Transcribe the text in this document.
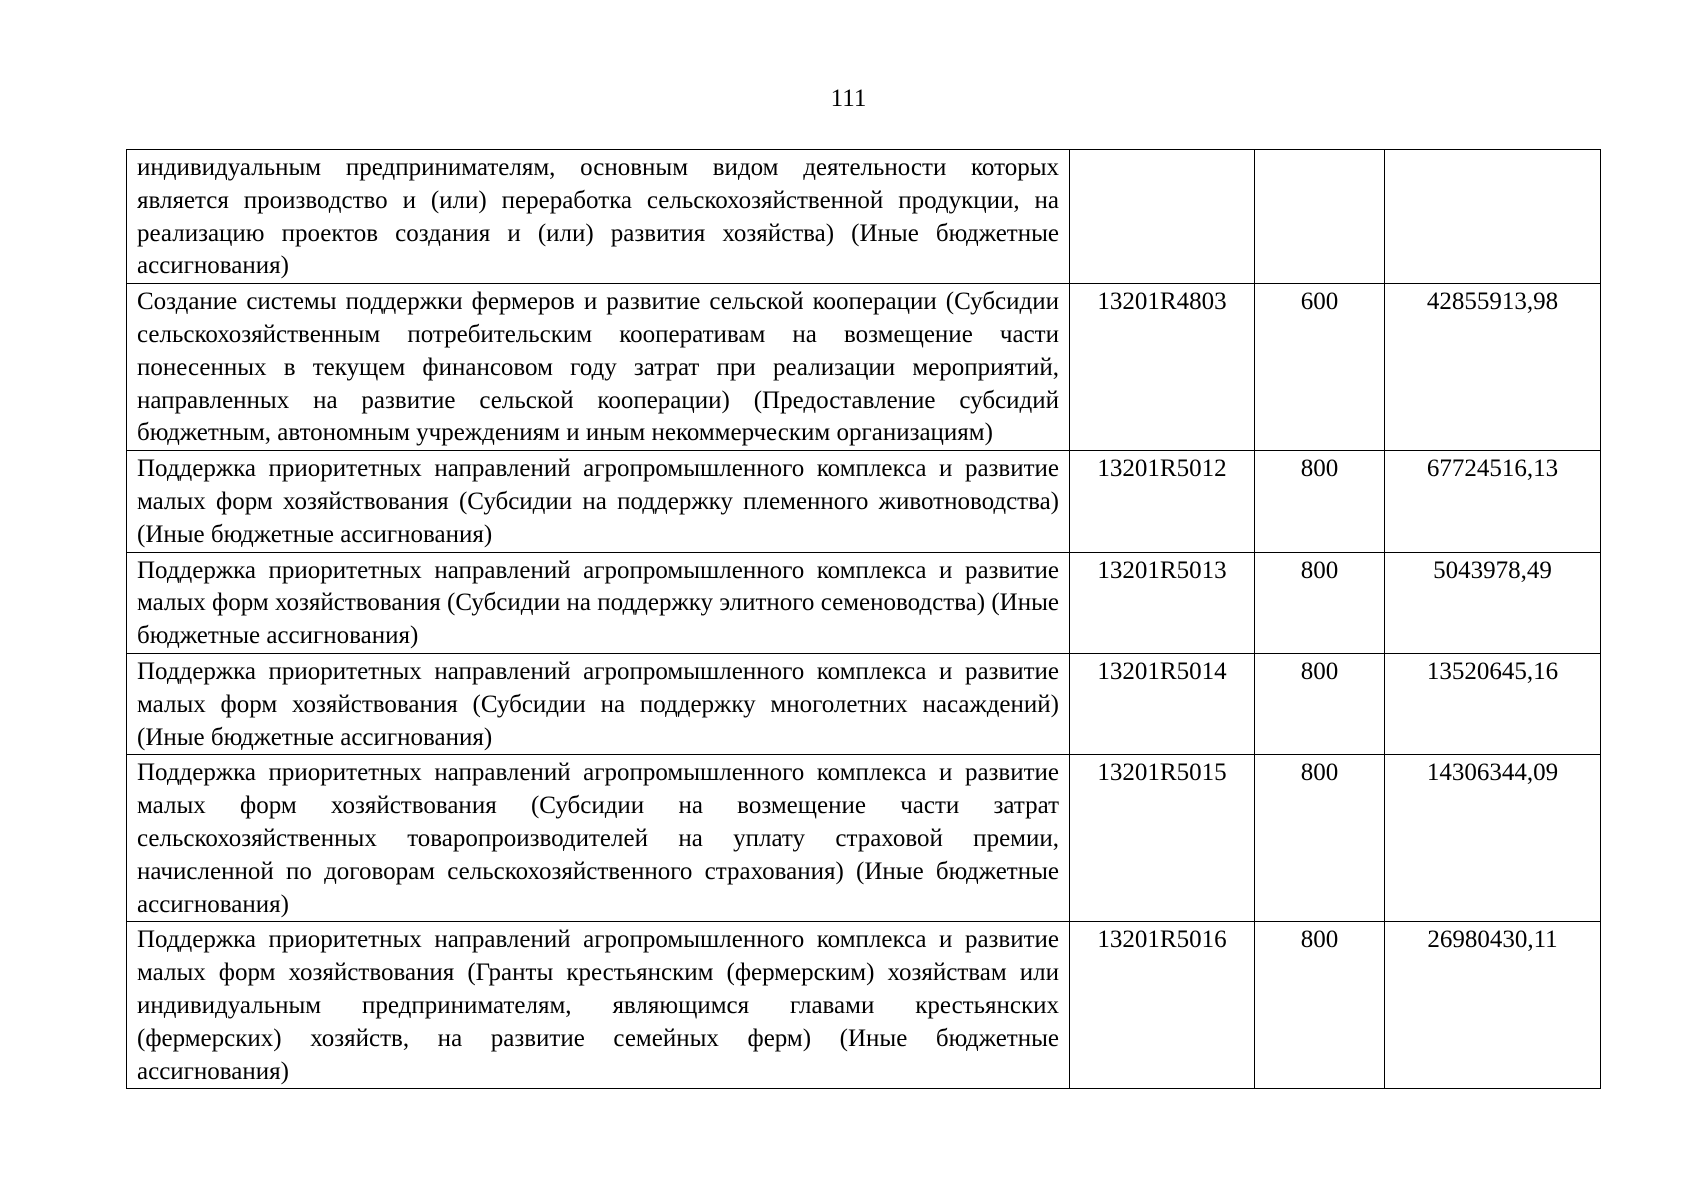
111
индивидуальным предпринимателям, основным видом деятельности которых является производство и (или) переработка сельскохозяйственной продукции, на реализацию проектов создания и (или) развития хозяйства) (Иные бюджетные ассигнования)			
Создание системы поддержки фермеров и развитие сельской кооперации (Субсидии сельскохозяйственным потребительским кооперативам на возмещение части понесенных в текущем финансовом году затрат при реализации мероприятий, направленных на развитие сельской кооперации) (Предоставление субсидий бюджетным, автономным учреждениям и иным некоммерческим организациям)	13201R4803	600	42855913,98
Поддержка приоритетных направлений агропромышленного комплекса и развитие малых форм хозяйствования (Субсидии на поддержку племенного животноводства) (Иные бюджетные ассигнования)	13201R5012	800	67724516,13
Поддержка приоритетных направлений агропромышленного комплекса и развитие малых форм хозяйствования (Субсидии на поддержку элитного семеноводства) (Иные бюджетные ассигнования)	13201R5013	800	5043978,49
Поддержка приоритетных направлений агропромышленного комплекса и развитие малых форм хозяйствования (Субсидии на поддержку многолетних насаждений) (Иные бюджетные ассигнования)	13201R5014	800	13520645,16
Поддержка приоритетных направлений агропромышленного комплекса и развитие малых форм хозяйствования (Субсидии на возмещение части затрат сельскохозяйственных товаропроизводителей на уплату страховой премии, начисленной по договорам сельскохозяйственного страхования) (Иные бюджетные ассигнования)	13201R5015	800	14306344,09
Поддержка приоритетных направлений агропромышленного комплекса и развитие малых форм хозяйствования (Гранты крестьянским (фермерским) хозяйствам или индивидуальным предпринимателям, являющимся главами крестьянских (фермерских) хозяйств, на развитие семейных ферм) (Иные бюджетные ассигнования)	13201R5016	800	26980430,11
